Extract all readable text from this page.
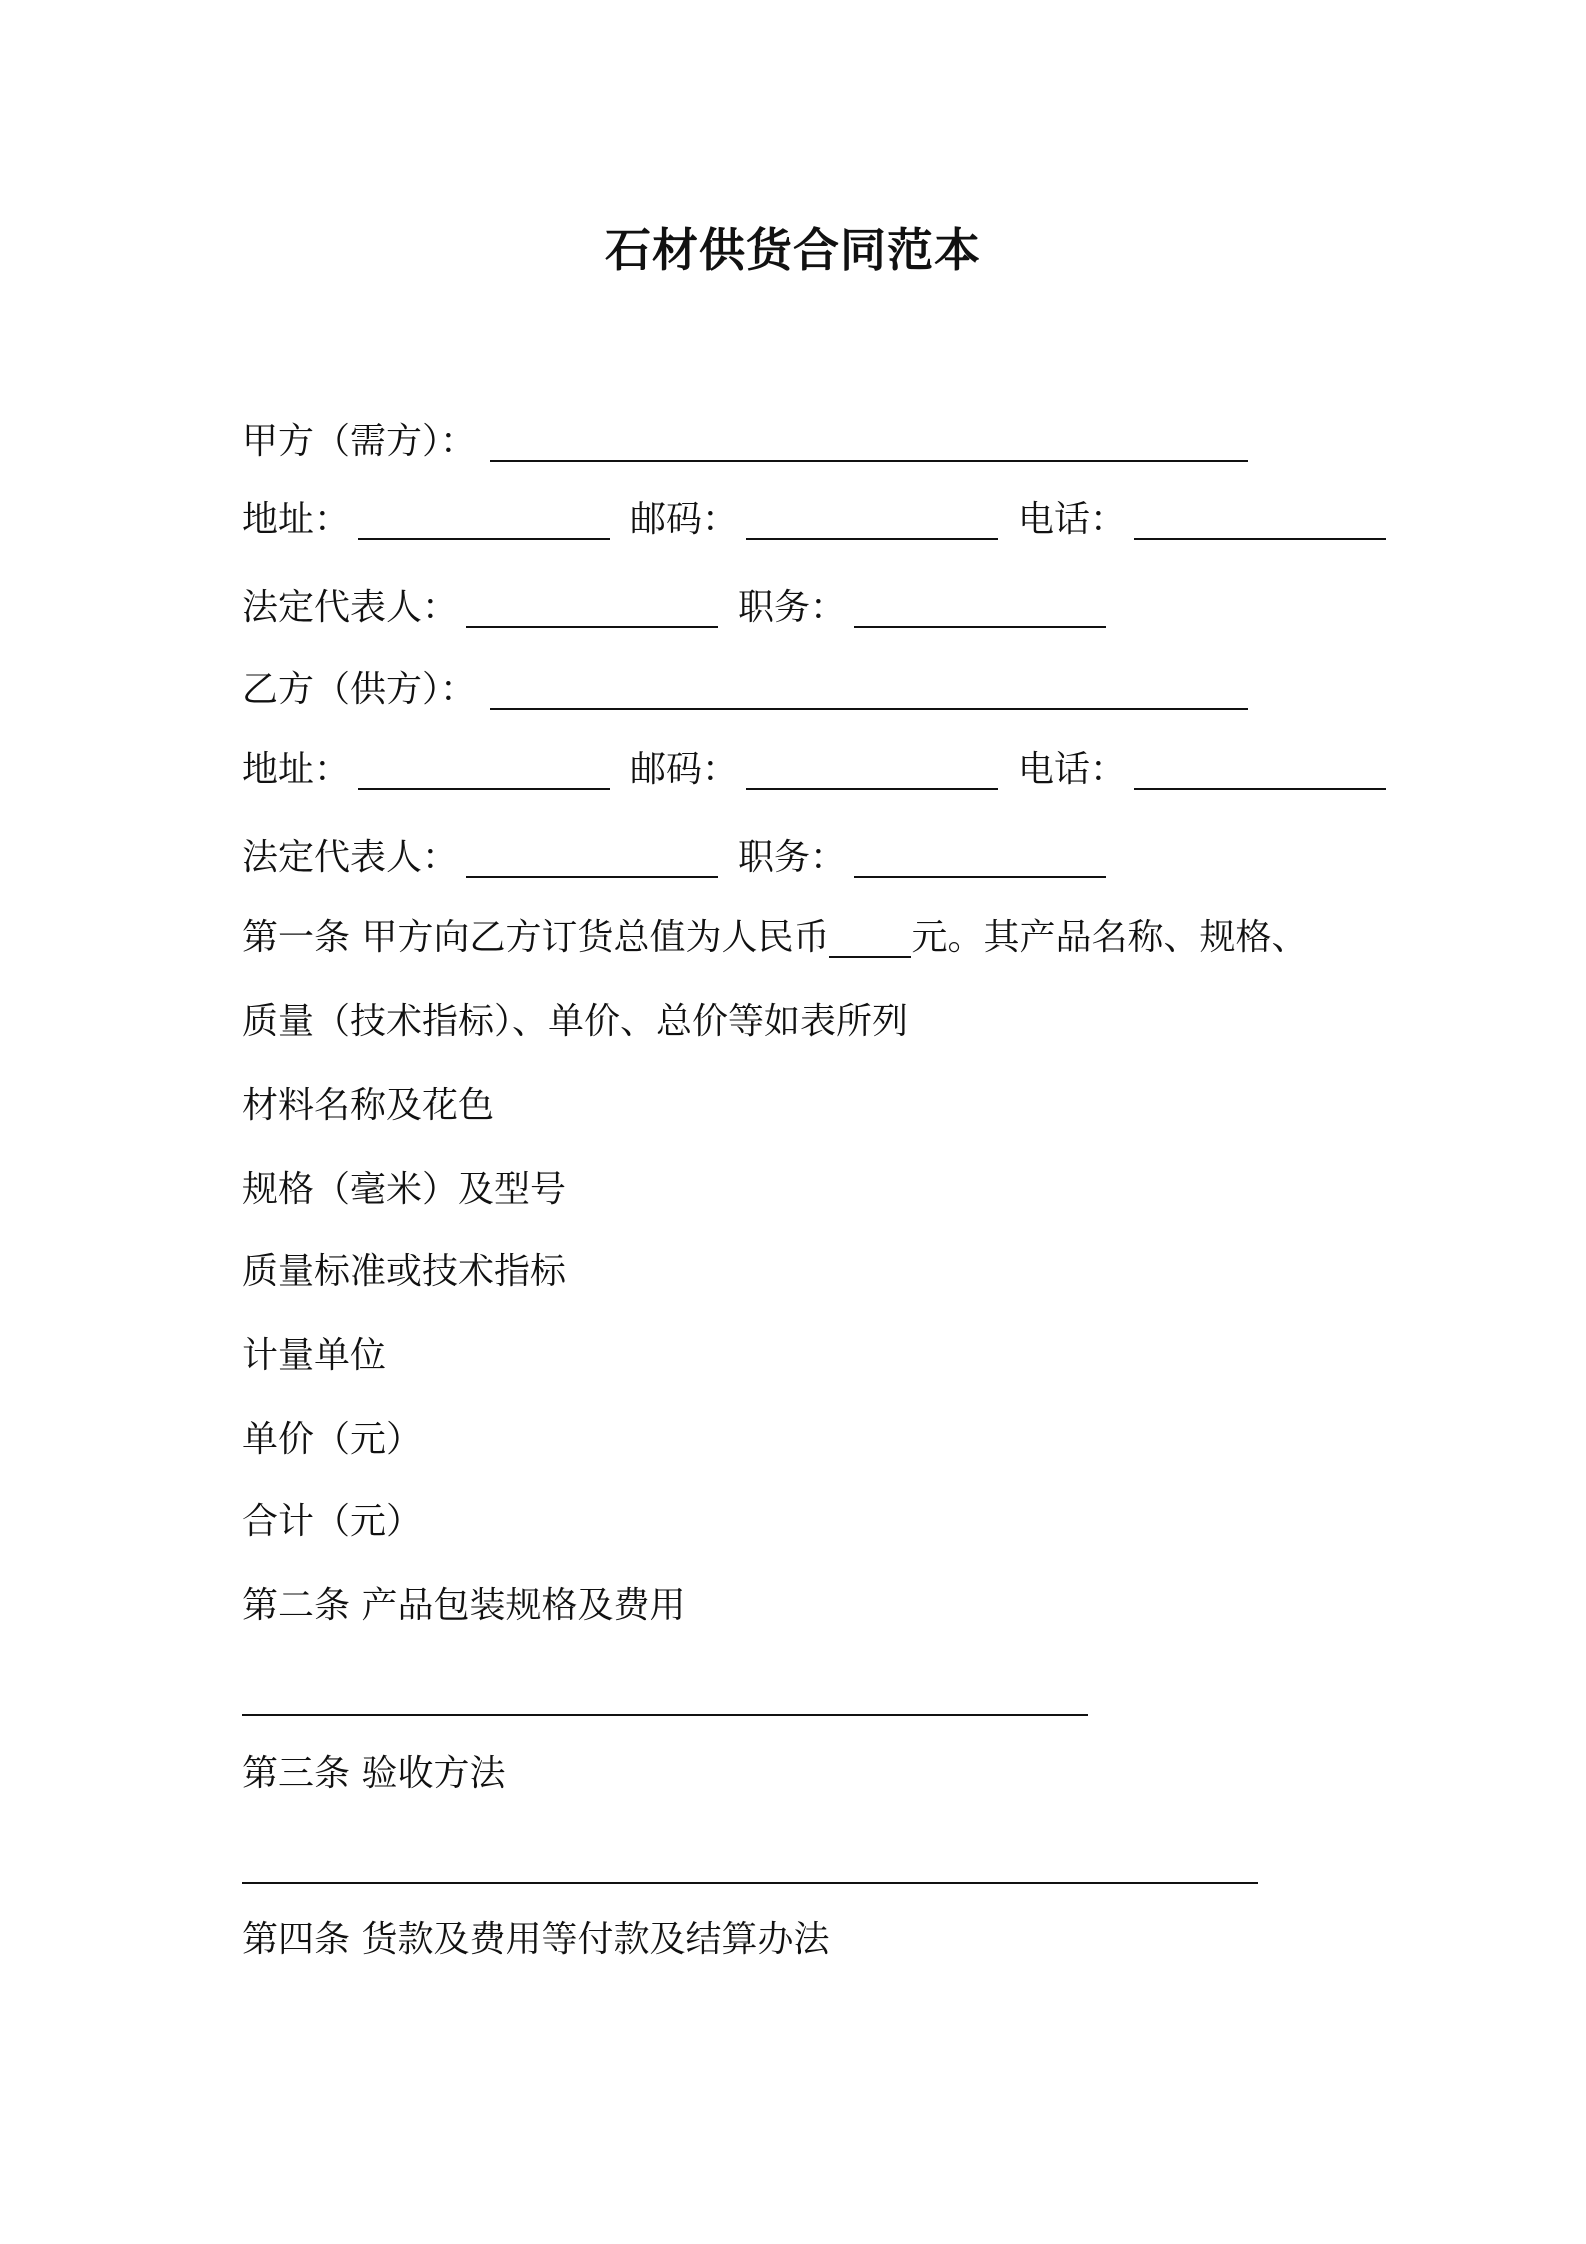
石材供货合同范本
甲方（需方）：
地址：	邮码：	电话：
法定代表人：	职务：
乙方（供方）：
地址：	邮码：	电话：
法定代表人：	职务：
第一条 甲方向乙方订货总值为人民币 元。其产品名称、规格、
质量（技术指标）、单价、总价等如表所列
材料名称及花色
规格（毫米）及型号
质量标准或技术指标
计量单位
单价（元）
合计（元）
第二条 产品包装规格及费用
第三条 验收方法
第四条 货款及费用等付款及结算办法
